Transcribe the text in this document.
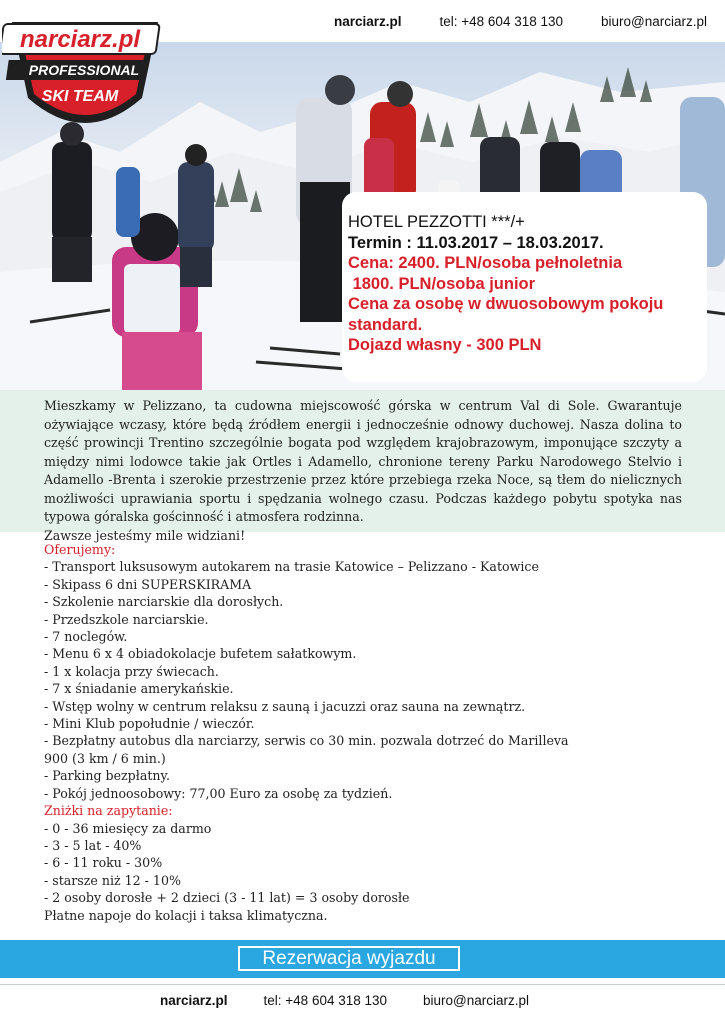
narciarz.pl	tel: +48 604 318 130	biuro@narciarz.pl
narciarz.pl
PROFESSIONAL
SKI TEAM
HOTEL PEZZOTTI ***/+
Termin : 11.03.2017 – 18.03.2017.
Cena: 2400. PLN/osoba pełnoletnia
1800. PLN/osoba junior
Cena za osobę w dwuosobowym pokoju
standard.
Dojazd własny - 300 PLN

Mieszkamy w Pelizzano, ta cudowna miejscowość górska w centrum Val di Sole. Gwarantuje ożywiające wczasy, które będą źródłem energii i jednocześnie odnowy duchowej. Nasza dolina to część prowincji Trentino szczególnie bogata pod względem krajobrazowym, imponujące szczyty a między nimi lodowce takie jak Ortles i Adamello, chronione tereny Parku Narodowego Stelvio i Adamello -Brenta i szerokie przestrzenie przez które przebiega rzeka Noce, są tłem do nielicznych możliwości uprawiania sportu i spędzania wolnego czasu. Podczas każdego pobytu spotyka nas typowa góralska gościnność i atmosfera rodzinna.

Zawsze jesteśmy mile widziani!

Oferujemy:
- Transport luksusowym autokarem na trasie Katowice – Pelizzano - Katowice
- Skipass 6 dni SUPERSKIRAMA
- Szkolenie narciarskie dla dorosłych.
- Przedszkole narciarskie.
- 7 noclegów.
- Menu 6 x 4 obiadokolacje bufetem sałatkowym.
- 1 x kolacja przy świecach.
- 7 x śniadanie amerykańskie.
- Wstęp wolny w centrum relaksu z sauną i jacuzzi oraz sauna na zewnątrz.
- Mini Klub popołudnie / wieczór.
- Bezpłatny autobus dla narciarzy, serwis co 30 min. pozwala dotrzeć do Marilleva
900 (3 km / 6 min.)
- Parking bezpłatny.
- Pokój jednoosobowy: 77,00 Euro za osobę za tydzień.
Zniżki na zapytanie:
- 0 - 36 miesięcy za darmo
- 3 - 5 lat - 40%
- 6 - 11 roku - 30%
- starsze niż 12 - 10%
- 2 osoby dorosłe + 2 dzieci (3 - 11 lat) = 3 osoby dorosłe
Płatne napoje do kolacji i taksa klimatyczna.
Rezerwacja wyjazdu
narciarz.pl	tel: +48 604 318 130	biuro@narciarz.pl
